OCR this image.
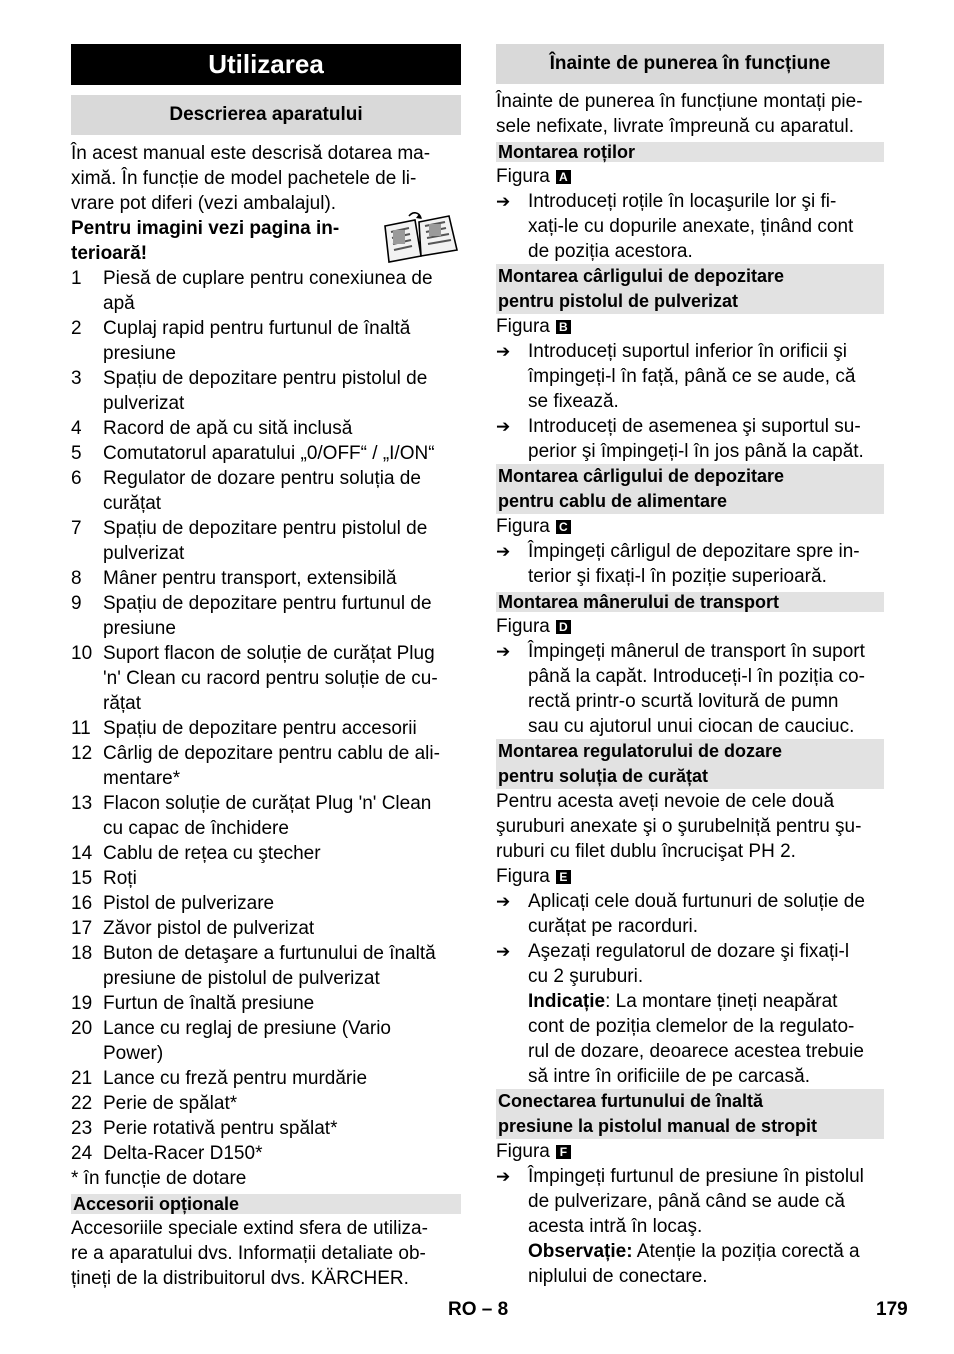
Utilizarea
Descrierea aparatului

În acest manual este descrisă dotarea ma-
ximă. În funcție de model pachetele de li-
vrare pot diferi (vezi ambalajul).

Pentru imagini vezi pagina in-
terioară!
1 Piesă de cuplare pentru conexiunea de
apă
2 Cuplaj rapid pentru furtunul de înaltă
presiune
3 Spațiu de depozitare pentru pistolul de
pulverizat
4 Racord de apă cu sită inclusă
5 Comutatorul aparatului „0/OFF“ / „I/ON“
6 Regulator de dozare pentru soluția de
curățat
7 Spațiu de depozitare pentru pistolul de
pulverizat
8 Mâner pentru transport, extensibilă
9 Spațiu de depozitare pentru furtunul de
presiune
10 Suport flacon de soluție de curățat Plug
'n' Clean cu racord pentru soluție de cu-
rățat
11 Spațiu de depozitare pentru accesorii
12 Cârlig de depozitare pentru cablu de ali-
mentare*
13 Flacon soluție de curățat Plug 'n' Clean
cu capac de închidere
14 Cablu de rețea cu ştecher
15 Roți
16 Pistol de pulverizare
17 Zăvor pistol de pulverizat
18 Buton de detaşare a furtunului de înaltă
presiune de pistolul de pulverizat
19 Furtun de înaltă presiune
20 Lance cu reglaj de presiune (Vario
Power)
21 Lance cu freză pentru murdărie
22 Perie de spălat*
23 Perie rotativă pentru spălat*
24 Delta-Racer D150*

* în funcție de dotare

Accesorii opționale

Accesoriile speciale extind sfera de utiliza-
re a aparatului dvs. Informații detaliate ob-
țineți de la distribuitorul dvs. KÄRCHER.

Înainte de punerea în funcțiune

Înainte de punerea în funcțiune montați pie-
sele nefixate, livrate împreună cu aparatul.

Montarea roților

Figura A

➔ Introduceți roțile în locaşurile lor şi fi-
xați-le cu dopurile anexate, ținând cont
de poziția acestora.
Montarea cârligului de depozitare
pentru pistolul de pulverizat

Figura B

➔ Introduceți suportul inferior în orificii şi
împingeți-l în față, până ce se aude, că
se fixează.
➔ Introduceți de asemenea şi suportul su-
perior şi împingeți-l în jos până la capăt.
Montarea cârligului de depozitare
pentru cablu de alimentare

Figura C

➔ Împingeți cârligul de depozitare spre in-
terior şi fixați-l în poziție superioară.
Montarea mânerului de transport

Figura D

➔ Împingeți mânerul de transport în suport
până la capăt. Introduceți-l în poziția co-
rectă printr-o scurtă lovitură de pumn
sau cu ajutorul unui ciocan de cauciuc.
Montarea regulatorului de dozare
pentru soluția de curățat

Pentru acesta aveți nevoie de cele două
şuruburi anexate şi o şurubelniță pentru şu-
ruburi cu filet dublu încrucişat PH 2.

Figura E

➔ Aplicați cele două furtunuri de soluție de
curățat pe racorduri.
➔ Aşezați regulatorul de dozare şi fixați-l
cu 2 şuruburi.
Indicație: La montare țineți neapărat
cont de poziția clemelor de la regulato-
rul de dozare, deoarece acestea trebuie
să intre în orificiile de pe carcasă.
Conectarea furtunului de înaltă
presiune la pistolul manual de stropit

Figura F

➔ Împingeți furtunul de presiune în pistolul
de pulverizare, până când se aude că
acesta intră în locaş.
Observație: Atenție la poziția corectă a
niplului de conectare.
RO – 8	179
